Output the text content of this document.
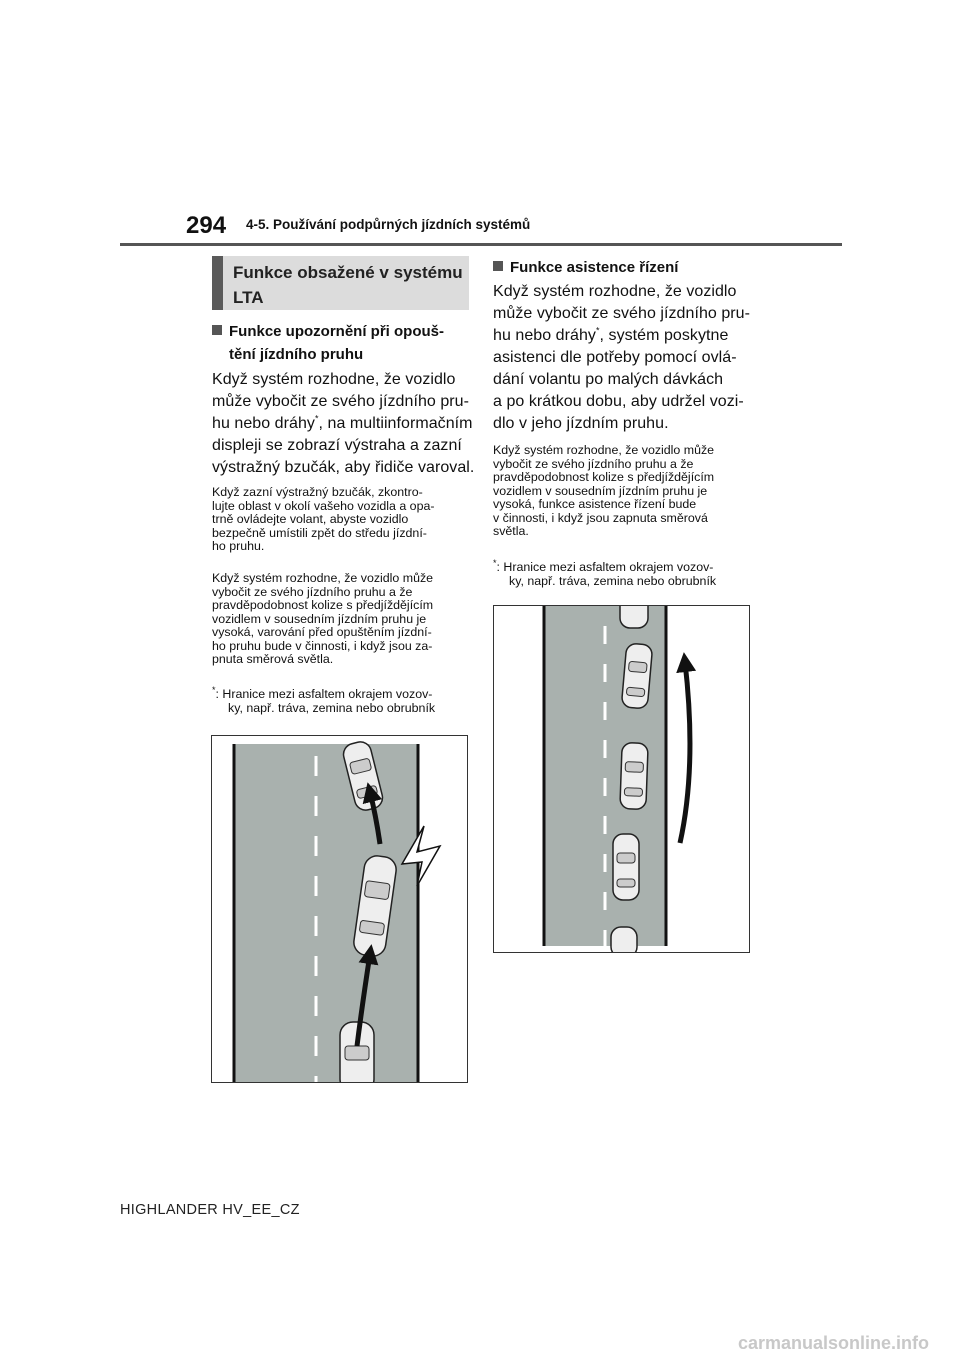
294 4-5. Používání podpůrných jízdních systémů
Funkce obsažené v systému
LTA
Funkce upozornění při opouš-
tění jízdního pruhu
Když systém rozhodne, že vozidlo
může vybočit ze svého jízdního pru-
hu nebo dráhy*, na multiinformačním
displeji se zobrazí výstraha a zazní
výstražný bzučák, aby řidiče varoval.
Když zazní výstražný bzučák, zkontro-
lujte oblast v okolí vašeho vozidla a opa-
trně ovládejte volant, abyste vozidlo
bezpečně umístili zpět do středu jízdní-
ho pruhu.
Když systém rozhodne, že vozidlo může
vybočit ze svého jízdního pruhu a že
pravděpodobnost kolize s předjíždějícím
vozidlem v sousedním jízdním pruhu je
vysoká, varování před opuštěním jízdní-
ho pruhu bude v činnosti, i když jsou za-
pnuta směrová světla.
*: Hranice mezi asfaltem okrajem vozov-
ky, např. tráva, zemina nebo obrubník
Funkce asistence řízení
Když systém rozhodne, že vozidlo
může vybočit ze svého jízdního pru-
hu nebo dráhy*, systém poskytne
asistenci dle potřeby pomocí ovlá-
dání volantu po malých dávkách
a po krátkou dobu, aby udržel vozi-
dlo v jeho jízdním pruhu.
Když systém rozhodne, že vozidlo může
vybočit ze svého jízdního pruhu a že
pravděpodobnost kolize s předjíždějícím
vozidlem v sousedním jízdním pruhu je
vysoká, funkce asistence řízení bude
v činnosti, i když jsou zapnuta směrová
světla.
*: Hranice mezi asfaltem okrajem vozov-
ky, např. tráva, zemina nebo obrubník
HIGHLANDER HV_EE_CZ
carmanualsonline.info
